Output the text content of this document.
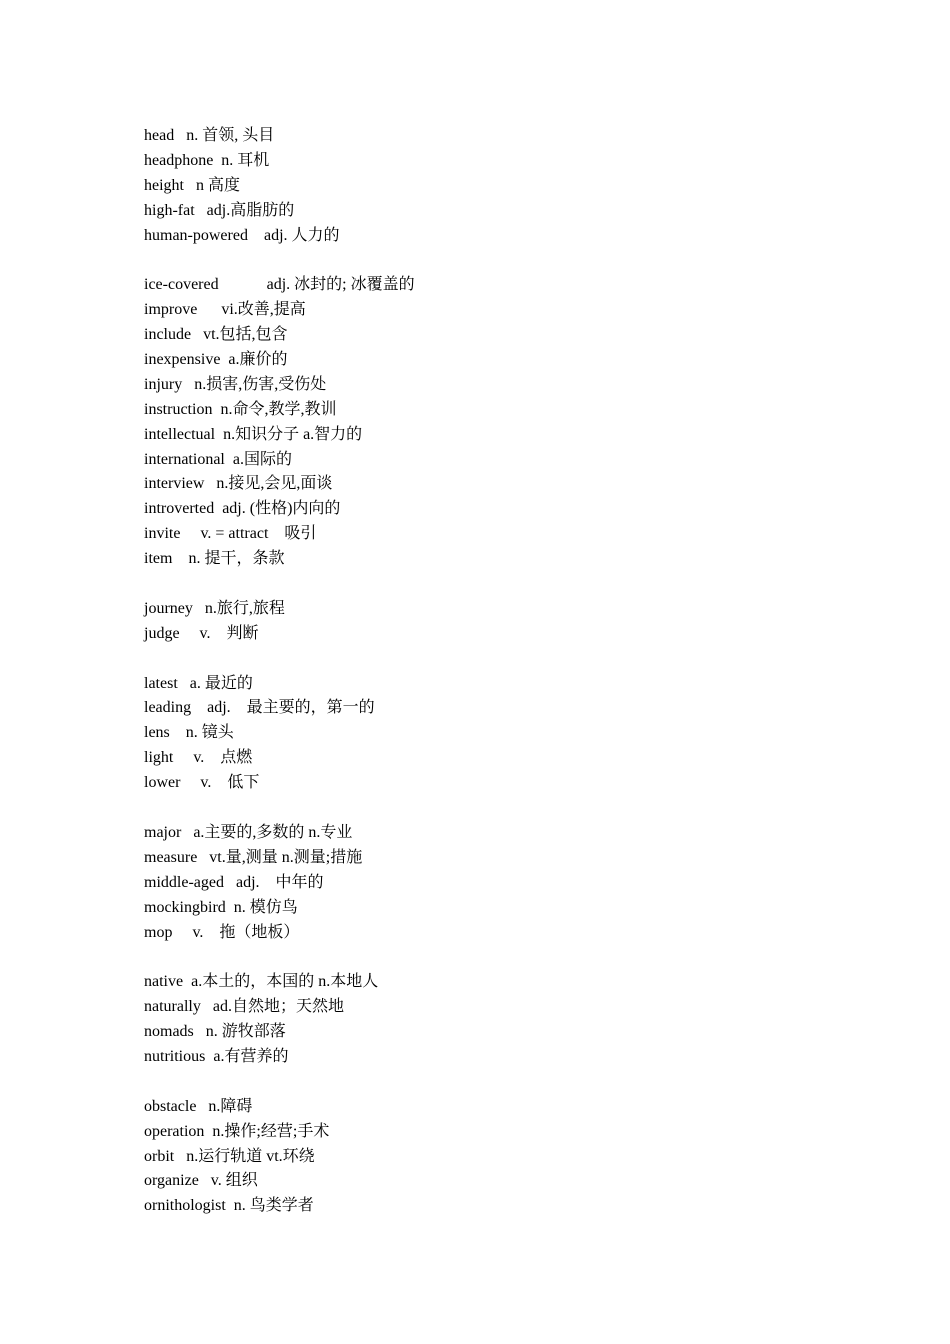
head   n. 首领, 头目
headphone  n. 耳机
height   n 高度
high-fat   adj.高脂肪的
human-powered    adj. 人力的
ice-covered            adj. 冰封的; 冰覆盖的
improve      vi.改善,提高
include   vt.包括,包含
inexpensive  a.廉价的
injury   n.损害,伤害,受伤处
instruction  n.命令,教学,教训
intellectual  n.知识分子 a.智力的
international  a.国际的
interview   n.接见,会见,面谈
introverted  adj. (性格)内向的
invite     v. = attract    吸引
item    n. 提干，条款
journey   n.旅行,旅程
judge     v.    判断
latest   a. 最近的
leading    adj.    最主要的，第一的
lens    n. 镜头
light     v.    点燃
lower     v.    低下
major   a.主要的,多数的 n.专业
measure   vt.量,测量 n.测量;措施
middle-aged   adj.    中年的
mockingbird  n. 模仿鸟
mop     v.    拖（地板）
native  a.本土的，本国的 n.本地人
naturally   ad.自然地；天然地
nomads   n. 游牧部落
nutritious  a.有营养的
obstacle   n.障碍
operation  n.操作;经营;手术
orbit   n.运行轨道 vt.环绕
organize   v. 组织
ornithologist  n. 鸟类学者
